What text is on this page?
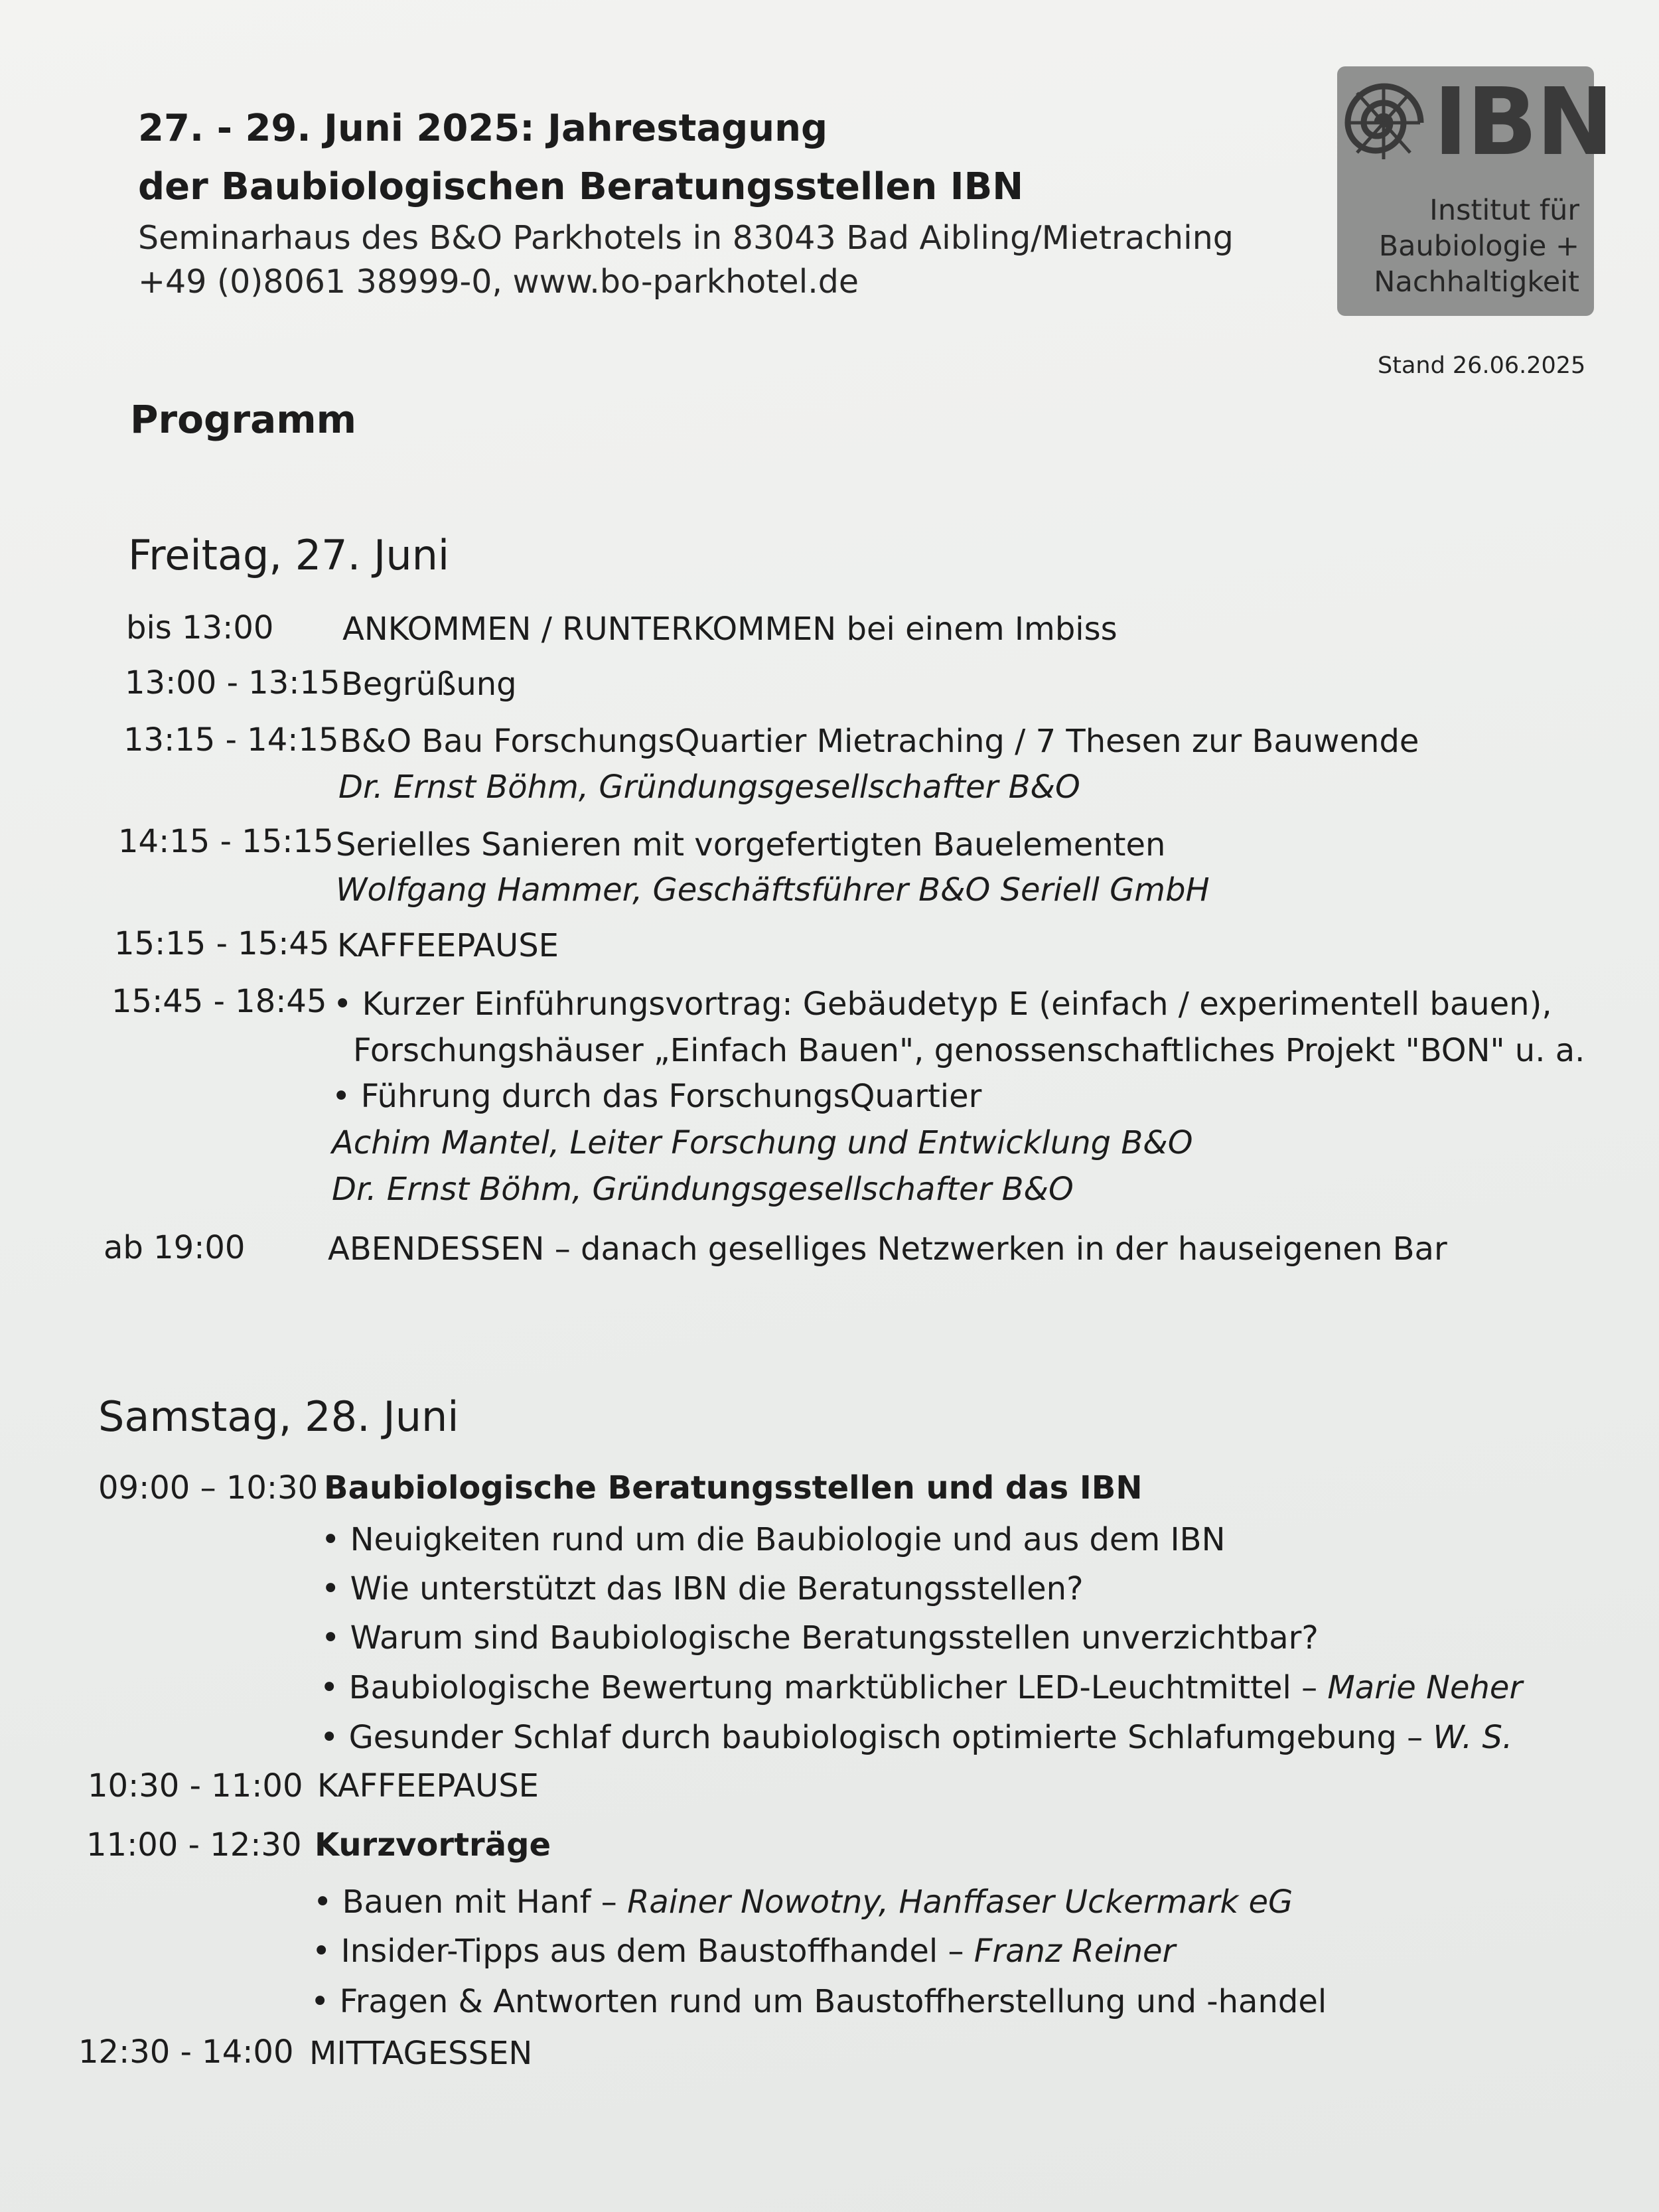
27. - 29. Juni 2025: Jahrestagung
der Baubiologischen Beratungsstellen IBN
Seminarhaus des B&O Parkhotels in 83043 Bad Aibling/Mietraching
+49 (0)8061 38999-0, www.bo-parkhotel.de
IBN
Institut für
Baubiologie +
Nachhaltigkeit
Stand 26.06.2025
Programm
Freitag, 27. Juni
bis 13:00 ANKOMMEN / RUNTERKOMMEN bei einem Imbiss
13:00 - 13:15 Begrüßung
13:15 - 14:15 B&O Bau ForschungsQuartier Mietraching / 7 Thesen zur Bauwende
Dr. Ernst Böhm, Gründungsgesellschafter B&O
14:15 - 15:15 Serielles Sanieren mit vorgefertigten Bauelementen
Wolfgang Hammer, Geschäftsführer B&O Seriell GmbH
15:15 - 15:45 KAFFEEPAUSE
15:45 - 18:45 • Kurzer Einführungsvortrag: Gebäudetyp E (einfach / experimentell bauen),
Forschungshäuser „Einfach Bauen", genossenschaftliches Projekt "BON" u. a.
• Führung durch das ForschungsQuartier
Achim Mantel, Leiter Forschung und Entwicklung B&O
Dr. Ernst Böhm, Gründungsgesellschafter B&O
ab 19:00	ABENDESSEN – danach geselliges Netzwerken in der hauseigenen Bar
Samstag, 28. Juni
09:00 – 10:30 Baubiologische Beratungsstellen und das IBN
• Neuigkeiten rund um die Baubiologie und aus dem IBN
• Wie unterstützt das IBN die Beratungsstellen?
• Warum sind Baubiologische Beratungsstellen unverzichtbar?
• Baubiologische Bewertung marktüblicher LED-Leuchtmittel – Marie Neher
• Gesunder Schlaf durch baubiologisch optimierte Schlafumgebung – W. S.
10:30 - 11:00 KAFFEEPAUSE
11:00 - 12:30 Kurzvorträge
• Bauen mit Hanf – Rainer Nowotny, Hanffaser Uckermark eG
• Insider-Tipps aus dem Baustoffhandel – Franz Reiner
• Fragen & Antworten rund um Baustoffherstellung und -handel
12:30 - 14:00 MITTAGESSEN
